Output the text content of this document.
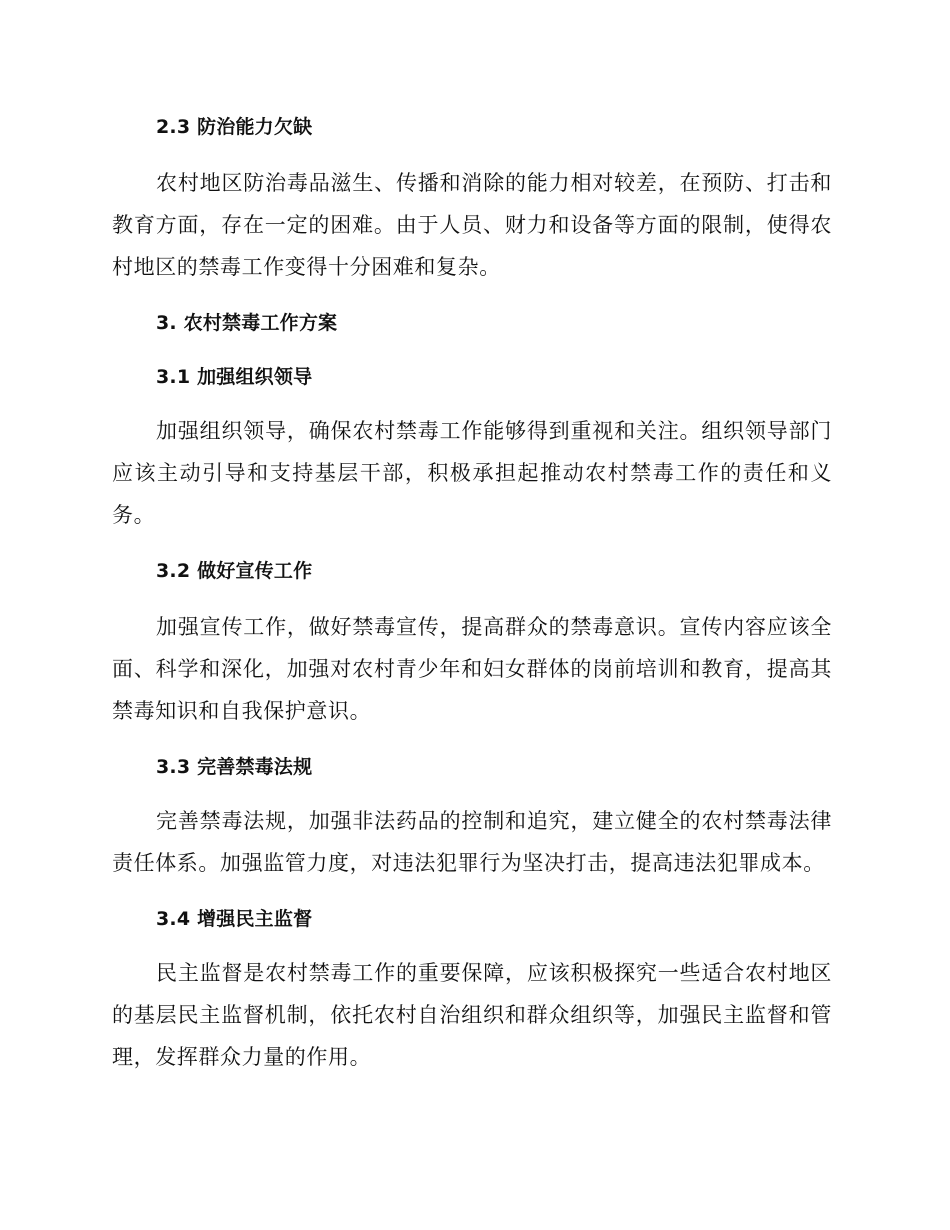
2.3 防治能力欠缺

农村地区防治毒品滋生、传播和消除的能力相对较差，在预防、打击和教育方面，存在一定的困难。由于人员、财力和设备等方面的限制，使得农村地区的禁毒工作变得十分困难和复杂。

3. 农村禁毒工作方案
3.1 加强组织领导

加强组织领导，确保农村禁毒工作能够得到重视和关注。组织领导部门应该主动引导和支持基层干部，积极承担起推动农村禁毒工作的责任和义务。

3.2 做好宣传工作

加强宣传工作，做好禁毒宣传，提高群众的禁毒意识。宣传内容应该全面、科学和深化，加强对农村青少年和妇女群体的岗前培训和教育，提高其禁毒知识和自我保护意识。

3.3 完善禁毒法规

完善禁毒法规，加强非法药品的控制和追究，建立健全的农村禁毒法律责任体系。加强监管力度，对违法犯罪行为坚决打击，提高违法犯罪成本。

3.4 增强民主监督

民主监督是农村禁毒工作的重要保障，应该积极探究一些适合农村地区的基层民主监督机制，依托农村自治组织和群众组织等，加强民主监督和管理，发挥群众力量的作用。
